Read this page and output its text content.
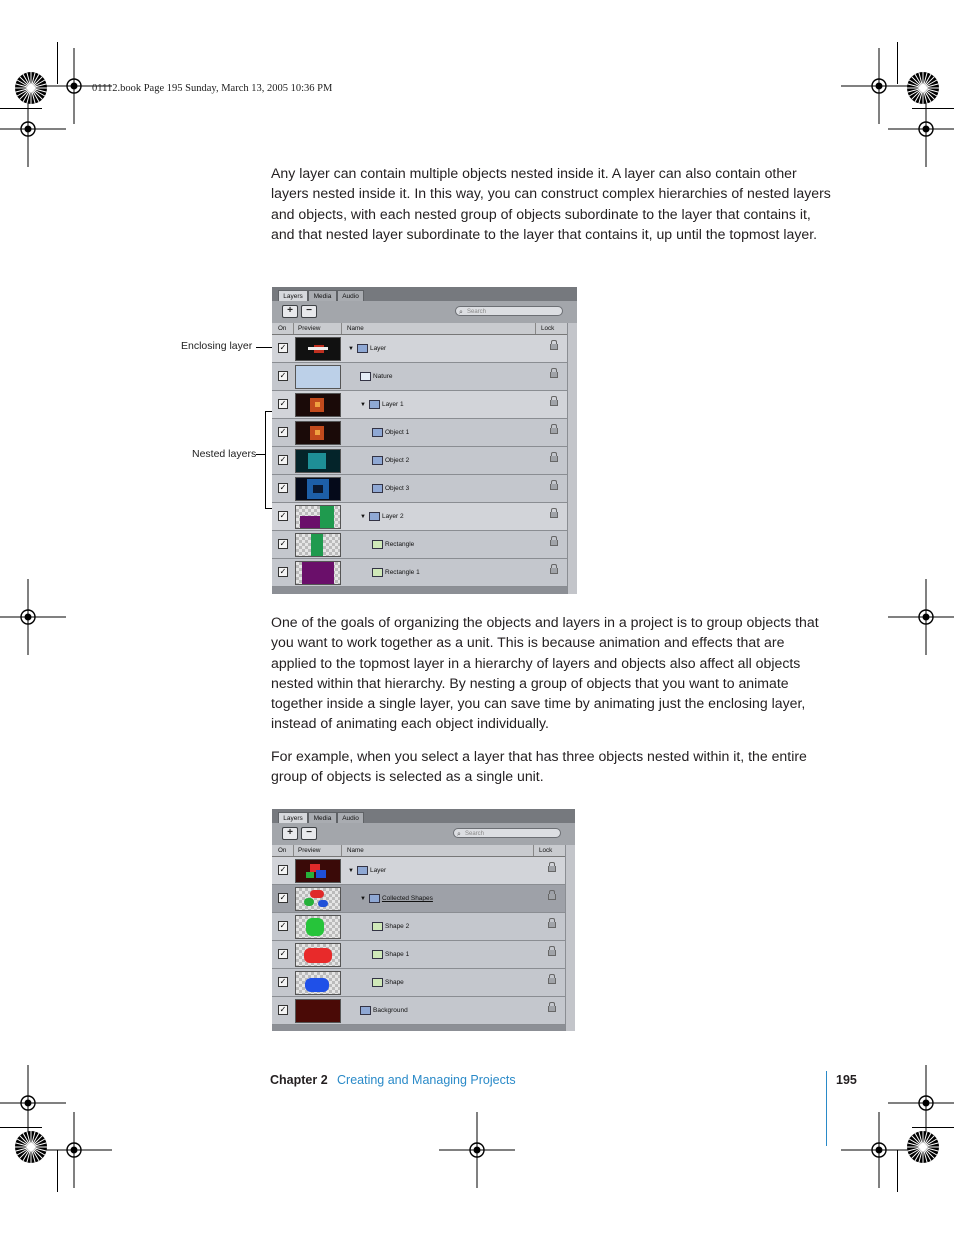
01112.book Page 195 Sunday, March 13, 2005 10:36 PM

Any layer can contain multiple objects nested inside it. A layer can also contain other layers nested inside it. In this way, you can construct complex hierarchies of nested layers and objects, with each nested group of objects subordinate to the layer that contains it, and that nested layer subordinate to the layer that contains it, up until the topmost layer.

One of the goals of organizing the objects and layers in a project is to group objects that you want to work together as a unit. This is because animation and effects that are applied to the topmost layer in a hierarchy of layers and objects also affect all objects nested within that hierarchy. By nesting a group of objects that you want to animate together inside a single layer, you can save time by animating just the enclosing layer, instead of animating each object individually.

For example, when you select a layer that has three objects nested within it, the entire group of objects is selected as a single unit.

Enclosing layer
Nested layers
Layers	Media	Audio
+	−	⌕ Search
On Preview	Name	Lock
✓	▼ Layer
✓	Nature
✓	▼ Layer 1
✓	Object 1
✓	Object 2
✓	Object 3
✓	▼ Layer 2
✓	Rectangle
✓	Rectangle 1
Layers	Media	Audio
+	−	⌕ Search
On Preview	Name	Lock
✓	▼ Layer
✓	▼ Collected Shapes
✓	Shape 2
✓	Shape 1
✓	Shape
✓	Background
Chapter 2 Creating and Managing Projects	195
